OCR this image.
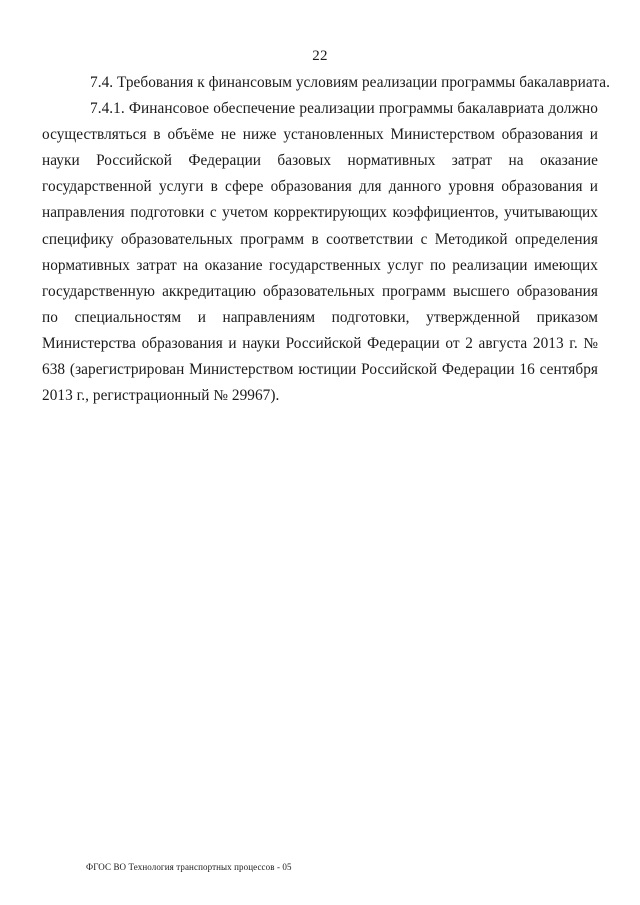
22

7.4. Требования к финансовым условиям реализации программы бакалавриата.

7.4.1. Финансовое обеспечение реализации программы бакалавриата должно осуществляться в объёме не ниже установленных Министерством образования и науки Российской Федерации базовых нормативных затрат на оказание государственной услуги в сфере образования для данного уровня образования и направления подготовки с учетом корректирующих коэффициентов, учитывающих специфику образовательных программ в соответствии с Методикой определения нормативных затрат на оказание государственных услуг по реализации имеющих государственную аккредитацию образовательных программ высшего образования по специальностям и направлениям подготовки, утвержденной приказом Министерства образования и науки Российской Федерации от 2 августа 2013 г. № 638 (зарегистрирован Министерством юстиции Российской Федерации 16 сентября 2013 г., регистрационный № 29967).

ФГОС ВО Технология транспортных процессов - 05
